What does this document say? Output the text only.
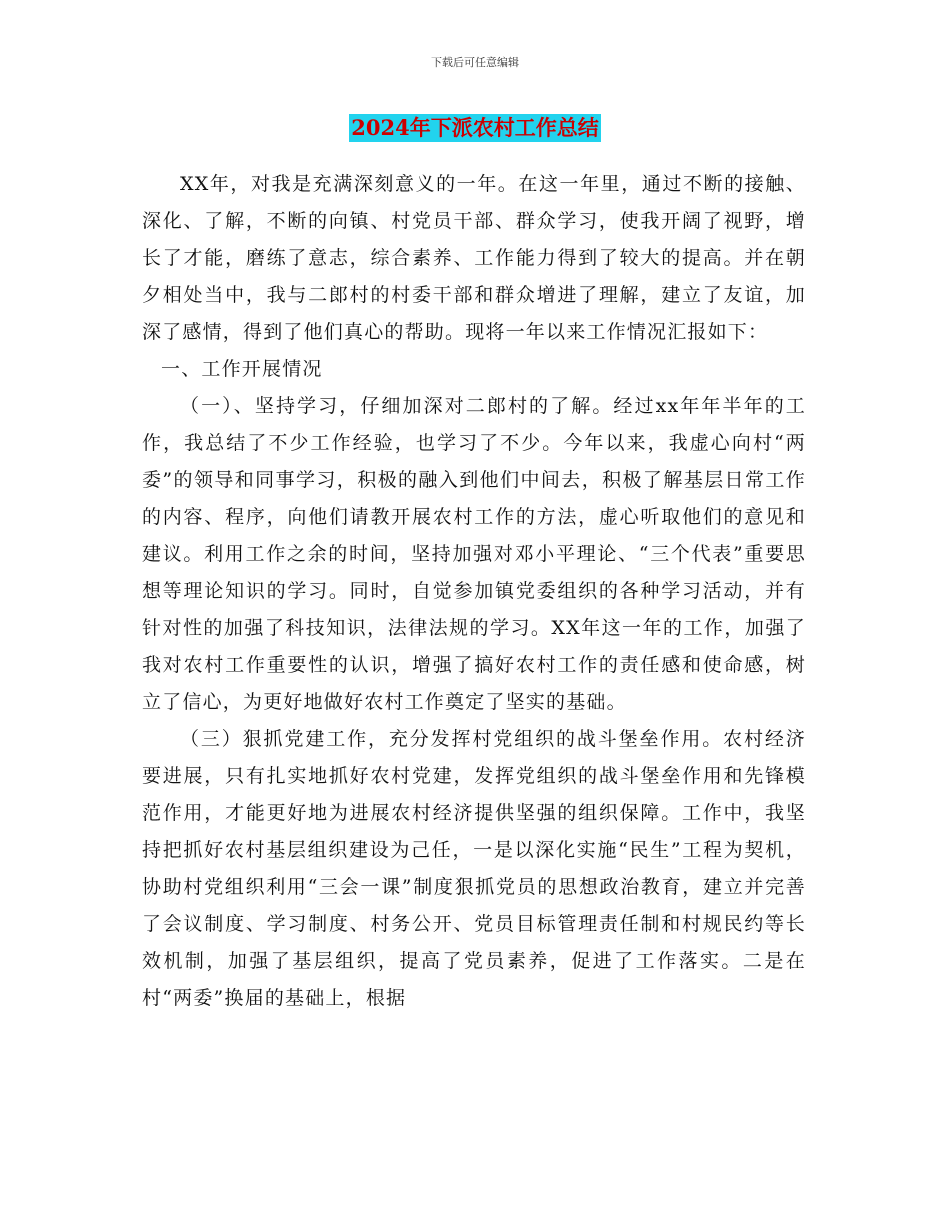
下载后可任意编辑
2024年下派农村工作总结

XX年，对我是充满深刻意义的一年。在这一年里，通过不断的接触、深化、了解，不断的向镇、村党员干部、群众学习，使我开阔了视野，增长了才能，磨练了意志，综合素养、工作能力得到了较大的提高。并在朝夕相处当中，我与二郎村的村委干部和群众增进了理解，建立了友谊，加深了感情，得到了他们真心的帮助。现将一年以来工作情况汇报如下：

一、工作开展情况

（一）、坚持学习，仔细加深对二郎村的了解。经过xx年年半年的工作，我总结了不少工作经验，也学习了不少。今年以来，我虚心向村“两委”的领导和同事学习，积极的融入到他们中间去，积极了解基层日常工作的内容、程序，向他们请教开展农村工作的方法，虚心听取他们的意见和建议。利用工作之余的时间，坚持加强对邓小平理论、“三个代表”重要思想等理论知识的学习。同时，自觉参加镇党委组织的各种学习活动，并有针对性的加强了科技知识，法律法规的学习。XX年这一年的工作，加强了我对农村工作重要性的认识，增强了搞好农村工作的责任感和使命感，树立了信心，为更好地做好农村工作奠定了坚实的基础。

（三）狠抓党建工作，充分发挥村党组织的战斗堡垒作用。农村经济要进展，只有扎实地抓好农村党建，发挥党组织的战斗堡垒作用和先锋模范作用，才能更好地为进展农村经济提供坚强的组织保障。工作中，我坚持把抓好农村基层组织建设为己任，一是以深化实施“民生”工程为契机，协助村党组织利用“三会一课”制度狠抓党员的思想政治教育，建立并完善了会议制度、学习制度、村务公开、党员目标管理责任制和村规民约等长效机制，加强了基层组织，提高了党员素养，促进了工作落实。二是在村“两委”换届的基础上，根据
